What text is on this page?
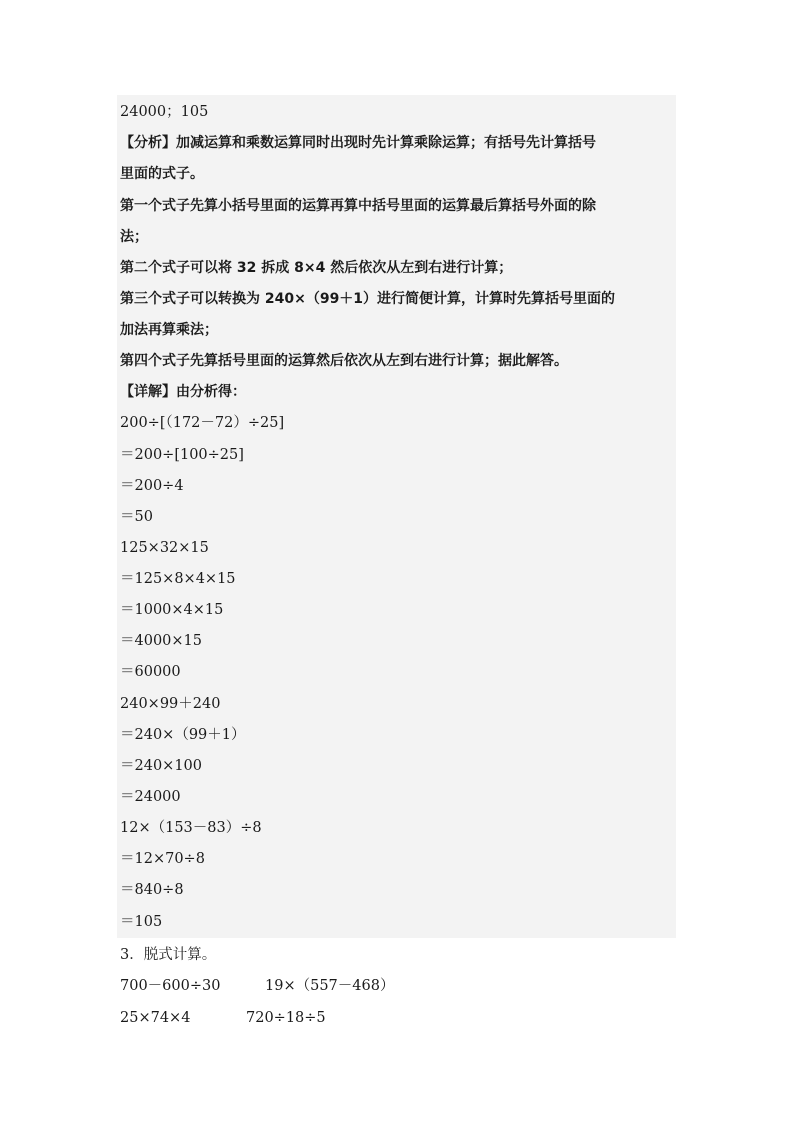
24000；105
【分析】加减运算和乘数运算同时出现时先计算乘除运算；有括号先计算括号
里面的式子。
第一个式子先算小括号里面的运算再算中括号里面的运算最后算括号外面的除
法；
第二个式子可以将 32 拆成 8×4 然后依次从左到右进行计算；
第三个式子可以转换为 240×（99＋1）进行简便计算，计算时先算括号里面的
加法再算乘法；
第四个式子先算括号里面的运算然后依次从左到右进行计算；据此解答。
【详解】由分析得：
200÷[（172－72）÷25]
＝200÷[100÷25]
＝200÷4
＝50
125×32×15
＝125×8×4×15
＝1000×4×15
＝4000×15
＝60000
240×99＋240
＝240×（99＋1）
＝240×100
＝24000
12×（153－83）÷8
＝12×70÷8
＝840÷8
＝105
3．脱式计算。
700－600÷30	19×（557－468）
25×74×4	720÷18÷5
